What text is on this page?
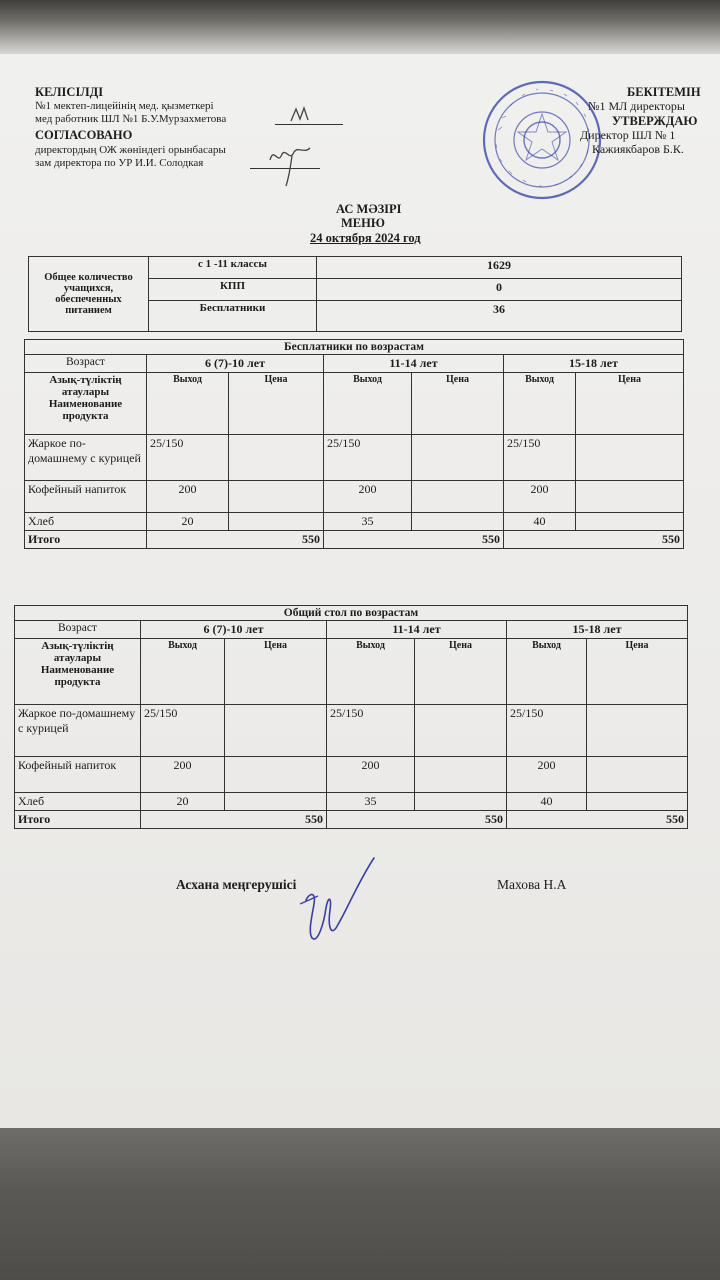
КЕЛІСІЛДІ
№1 мектеп-лицейінің мед. қызметкері
мед работник ШЛ №1 Б.У.Мурзахметова
СОГЛАСОВАНО
директордың ОЖ жөніндегі орынбасары
зам директора по УР И.И. Солодкая
БЕКІТЕМІН
№1 МЛ директоры
УТВЕРЖДАЮ
Директор ШЛ № 1
Кажиякбаров Б.К.
АС МӘЗІРІ
МЕНЮ
24 октября 2024 год
Общее количество учащихся, обеспеченных питанием	с 1 -11 классы	1629
	КПП	0
	Бесплатники	36
Бесплатники по возрастам						
Возраст	6 (7)-10 лет		11-14 лет		15-18 лет	
Азық-түліктің атаулары Наименование продукта	Выход	Цена	Выход	Цена	Выход	Цена
Жаркое по-домашнему с курицей	25/150		25/150		25/150	
Кофейный напиток	200		200		200	
Хлеб	20		35		40	
Итого	550		550		550	
Общий стол по возрастам						
Возраст	6 (7)-10 лет		11-14 лет		15-18 лет	
Азық-түліктің атаулары Наименование продукта	Выход	Цена	Выход	Цена	Выход	Цена
Жаркое по-домашнему с курицей	25/150		25/150		25/150	
Кофейный напиток	200		200		200	
Хлеб	20		35		40	
Итого	550		550		550	
Асхана меңгерушісі	Махова Н.А
